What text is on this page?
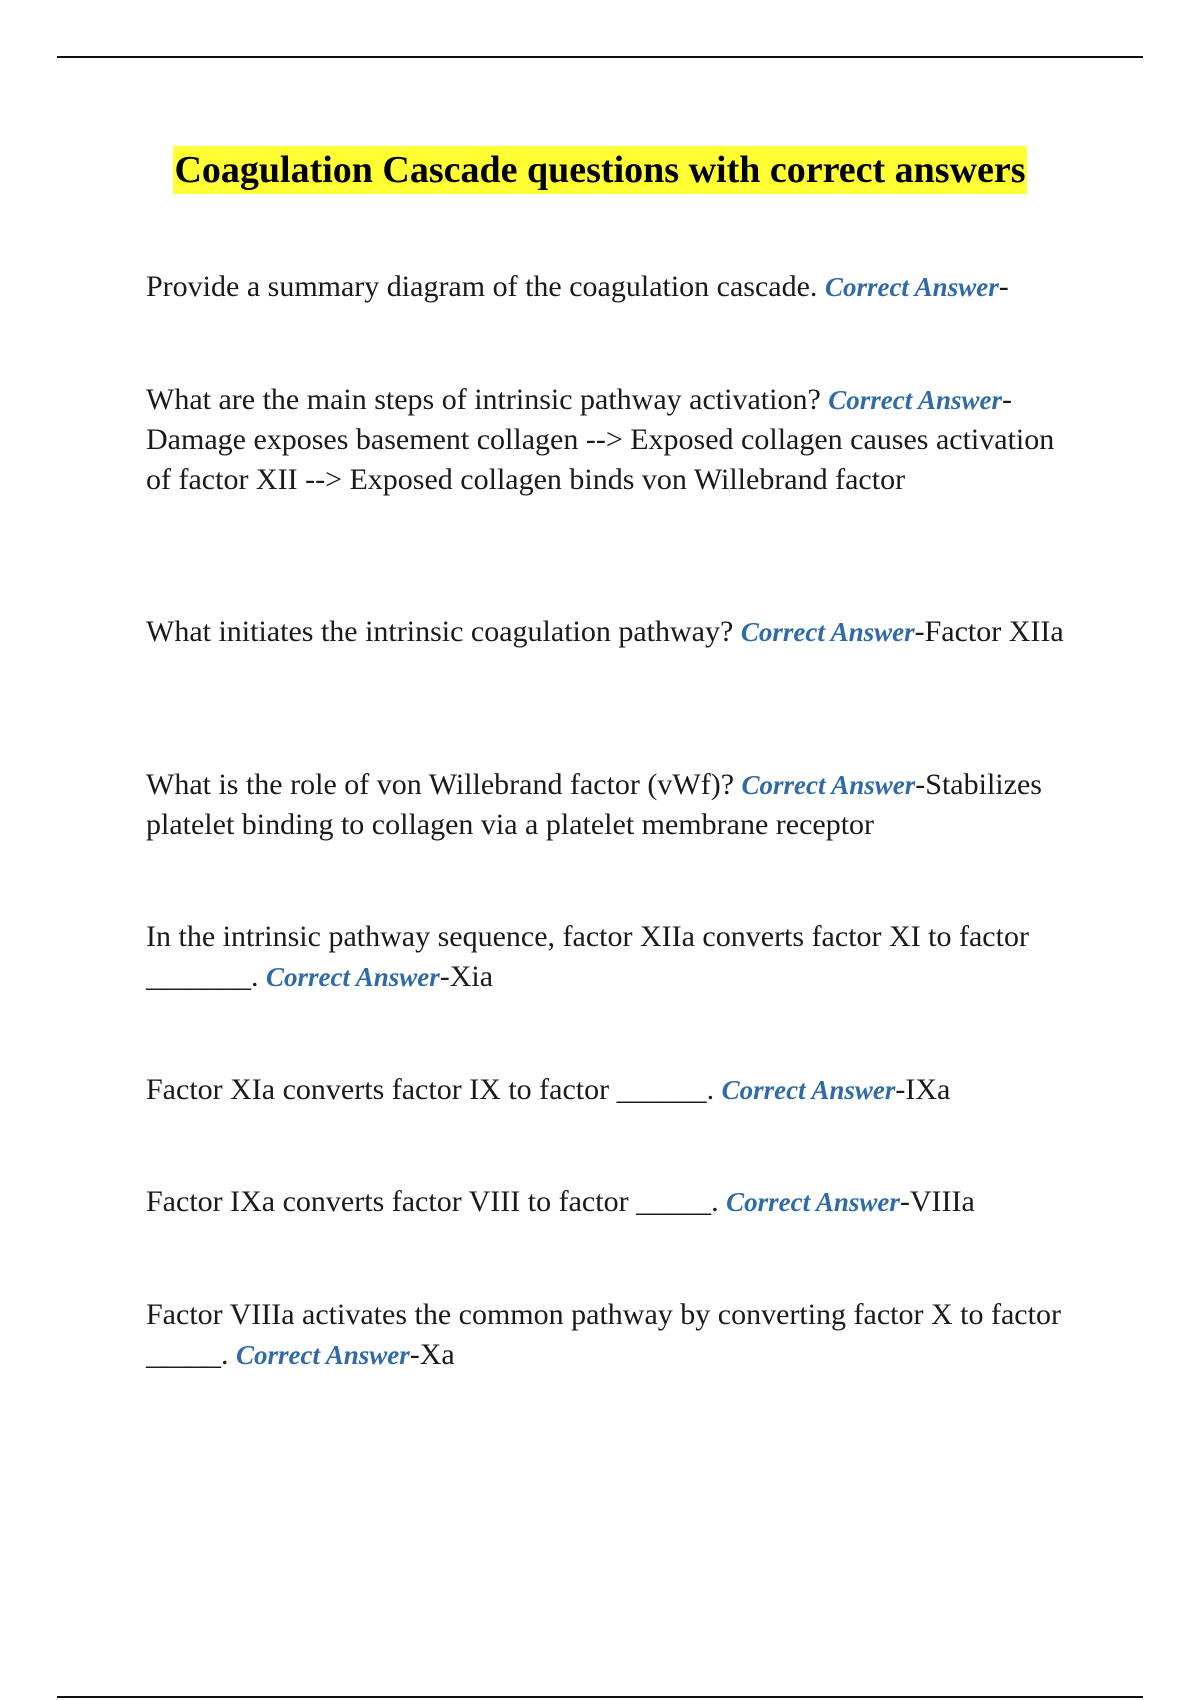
Coagulation Cascade questions with correct answers

Provide a summary diagram of the coagulation cascade. Correct Answer-

What are the main steps of intrinsic pathway activation? Correct Answer-Damage exposes basement collagen --> Exposed collagen causes activation of factor XII --> Exposed collagen binds von Willebrand factor

What initiates the intrinsic coagulation pathway? Correct Answer-Factor XIIa

What is the role of von Willebrand factor (vWf)? Correct Answer-Stabilizes platelet binding to collagen via a platelet membrane receptor

In the intrinsic pathway sequence, factor XIIa converts factor XI to factor _______. Correct Answer-Xia

Factor XIa converts factor IX to factor ______. Correct Answer-IXa

Factor IXa converts factor VIII to factor _____. Correct Answer-VIIIa

Factor VIIIa activates the common pathway by converting factor X to factor _____. Correct Answer-Xa
